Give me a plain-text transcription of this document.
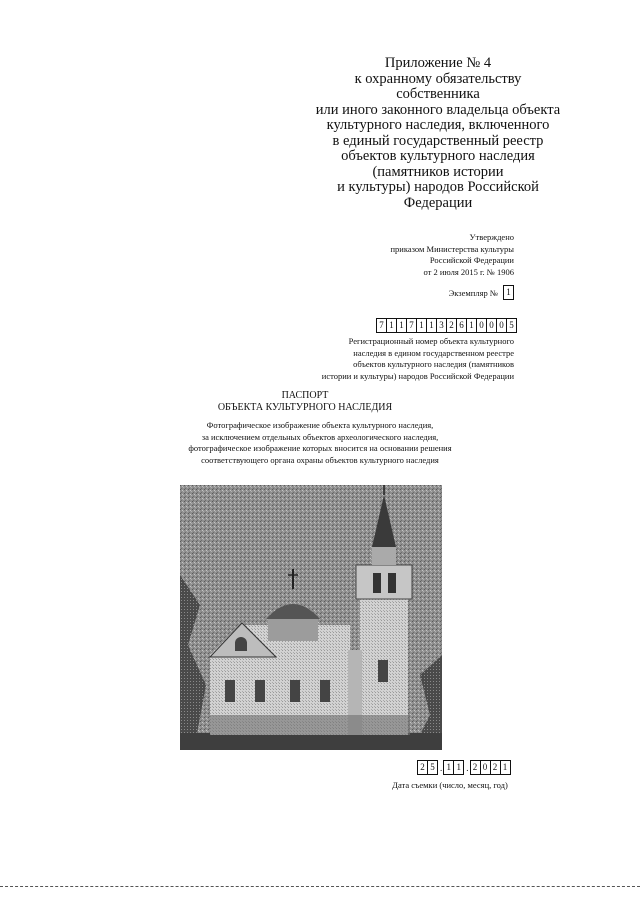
Приложение № 4
к охранному обязательству
собственника
или иного законного владельца объекта
культурного наследия, включенного
в единый государственный реестр
объектов культурного наследия
(памятников истории
и культуры) народов Российской
Федерации
Утверждено
приказом Министерства культуры
Российской Федерации
от 2 июля 2015 г. № 1906
Экземпляр № 1
7 1 1 7 1 1 3 2 6 1 0 0 0 5
Регистрационный номер объекта культурного
наследия в едином государственном реестре
объектов культурного наследия (памятников
истории и культуры) народов Российской Федерации
ПАСПОРТ
ОБЪЕКТА КУЛЬТУРНОГО НАСЛЕДИЯ
Фотографическое изображение объекта культурного наследия,
за исключением отдельных объектов археологического наследия,
фотографическое изображение которых вносится на основании решения
соответствующего органа охраны объектов культурного наследия
2 5 . 1 1 . 2 0 2 1
Дата съемки (число, месяц, год)
